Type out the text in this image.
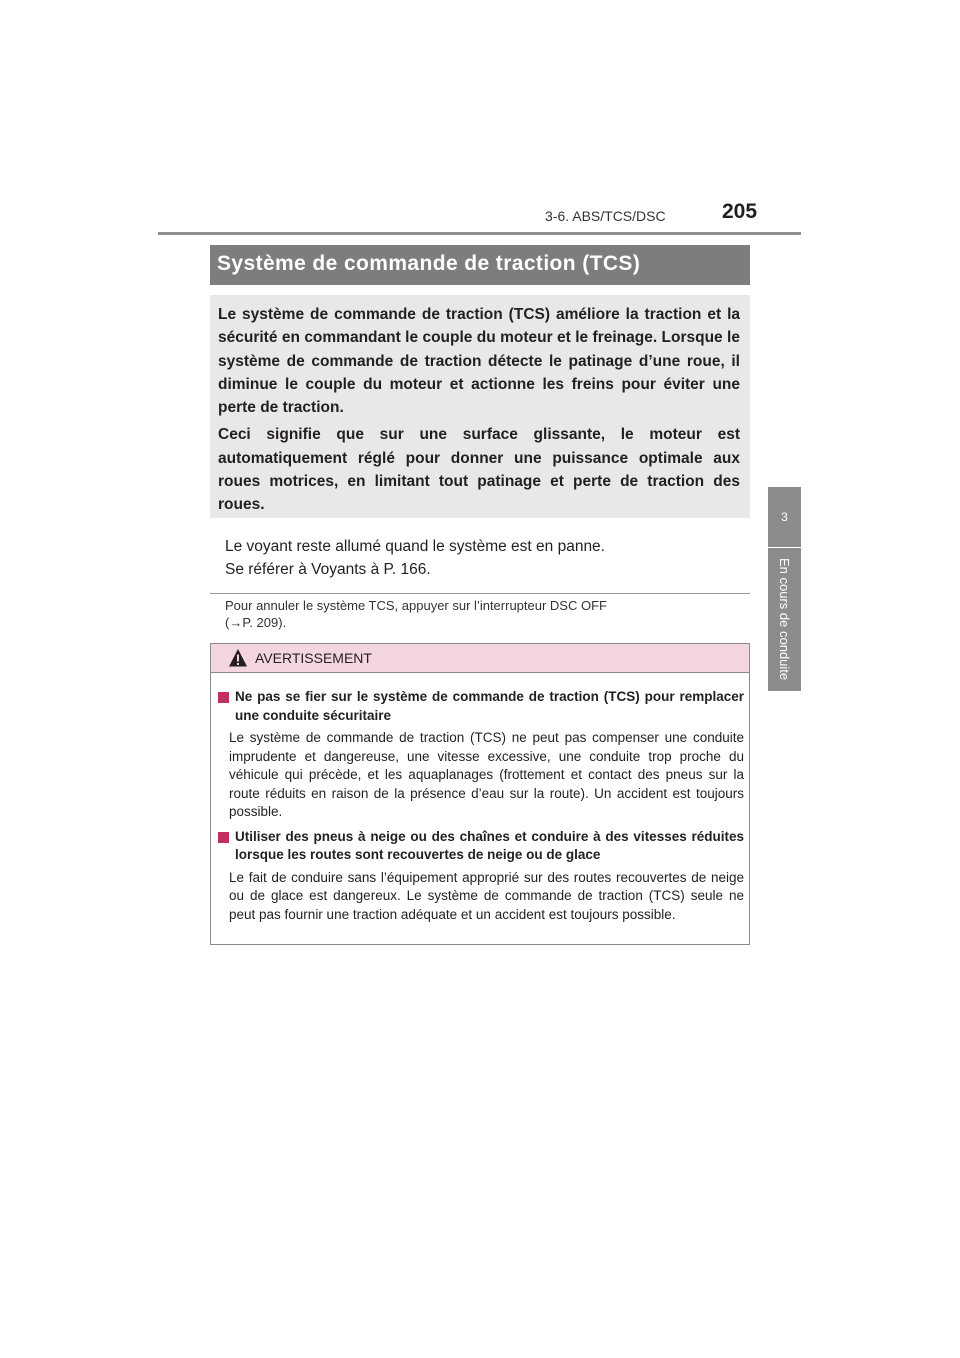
3-6. ABS/TCS/DSC	205
3
En cours de conduite
Système de commande de traction (TCS)

Le système de commande de traction (TCS) améliore la traction et la sécurité en commandant le couple du moteur et le freinage. Lorsque le système de commande de traction détecte le patinage d’une roue, il diminue le couple du moteur et actionne les freins pour éviter une perte de traction.

Ceci signifie que sur une surface glissante, le moteur est automatiquement réglé pour donner une puissance optimale aux roues motrices, en limitant tout patinage et perte de traction des roues.

Le voyant reste allumé quand le système est en panne.
Se référer à Voyants à P. 166.
Pour annuler le système TCS, appuyer sur l’interrupteur DSC OFF
(→P. 209).
AVERTISSEMENT
Ne pas se fier sur le système de commande de traction (TCS) pour remplacer une conduite sécuritaire
Le système de commande de traction (TCS) ne peut pas compenser une conduite imprudente et dangereuse, une vitesse excessive, une conduite trop proche du véhicule qui précède, et les aquaplanages (frottement et contact des pneus sur la route réduits en raison de la présence d’eau sur la route). Un accident est toujours possible.
Utiliser des pneus à neige ou des chaînes et conduire à des vitesses réduites lorsque les routes sont recouvertes de neige ou de glace
Le fait de conduire sans l’équipement approprié sur des routes recouvertes de neige ou de glace est dangereux. Le système de commande de traction (TCS) seule ne peut pas fournir une traction adéquate et un accident est toujours possible.
